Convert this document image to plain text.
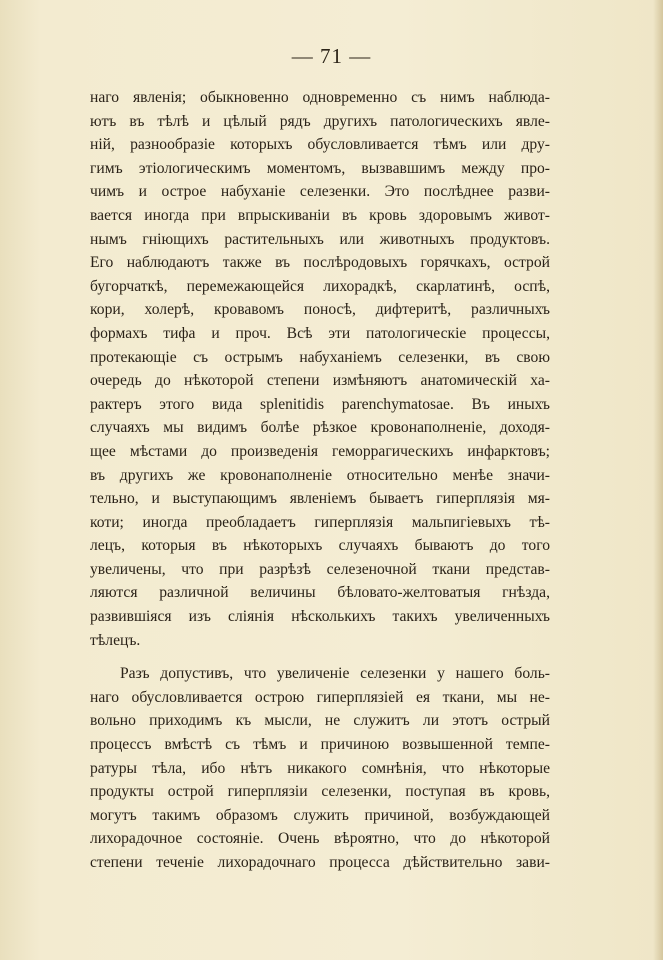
— 71 —
наго явленія; обыкновенно одновременно съ нимъ наблюда-
ютъ въ тѣлѣ и цѣлый рядъ другихъ патологическихъ явле-
ній, разнообразіе которыхъ обусловливается тѣмъ или дру-
гимъ этіологическимъ моментомъ, вызвавшимъ между про-
чимъ и острое набуханіе селезенки. Это послѣднее разви-
вается иногда при впрыскиваніи въ кровь здоровымъ живот-
нымъ гніющихъ растительныхъ или животныхъ продуктовъ.
Его наблюдаютъ также въ послѣродовыхъ горячкахъ, острой
бугорчаткѣ, перемежающейся лихорадкѣ, скарлатинѣ, оспѣ,
кори, холерѣ, кровавомъ поносѣ, дифтеритѣ, различныхъ
формахъ тифа и проч. Всѣ эти патологическіе процессы,
протекающіе съ острымъ набуханіемъ селезенки, въ свою
очередь до нѣкоторой степени измѣняютъ анатомическій ха-
рактеръ этого вида splenitidis parenchymatosae. Въ иныхъ
случаяхъ мы видимъ болѣе рѣзкое кровонаполненіе, доходя-
щее мѣстами до произведенія геморрагическихъ инфарктовъ;
въ другихъ же кровонаполненіе относительно менѣе значи-
тельно, и выступающимъ явленіемъ бываетъ гиперплязія мя-
коти; иногда преобладаетъ гиперплязія мальпигіевыхъ тѣ-
лецъ, которыя въ нѣкоторыхъ случаяхъ бываютъ до того
увеличены, что при разрѣзѣ селезеночной ткани представ-
ляются различной величины бѣловато-желтоватыя гнѣзда,
развившіяся изъ слiянія нѣсколькихъ такихъ увеличенныхъ
тѣлецъ.
Разъ допустивъ, что увеличеніе селезенки у нашего боль-
наго обусловливается острою гиперплязіей ея ткани, мы не-
вольно приходимъ къ мысли, не служитъ ли этотъ острый
процессъ вмѣстѣ съ тѣмъ и причиною возвышенной темпе-
ратуры тѣла, ибо нѣтъ никакого сомнѣнія, что нѣкоторые
продукты острой гиперплязіи селезенки, поступая въ кровь,
могутъ такимъ образомъ служить причиной, возбуждающей
лихорадочное состояніе. Очень вѣроятно, что до нѣкоторой
степени теченіе лихорадочнаго процесса дѣйствительно зави-
